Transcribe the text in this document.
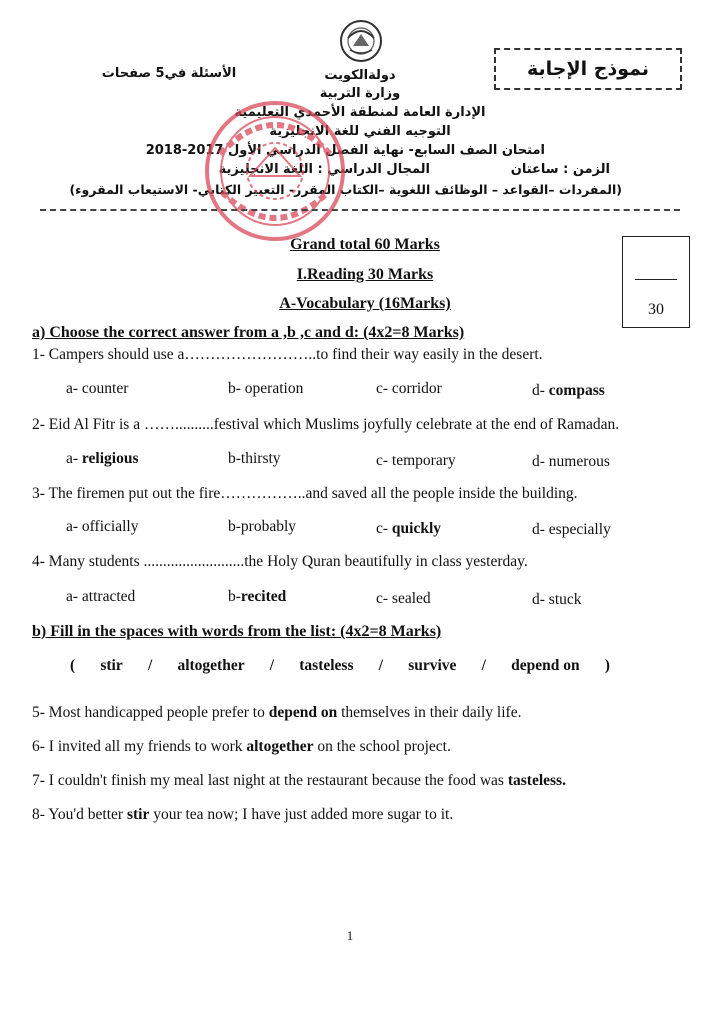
نموذج الإجابة
الأسئلة في5 صفحات	دولةالكويت
وزارة التربية
الإدارة العامة لمنطقة الأحمدي التعليمية
التوجيه الفني للغة الانجليزية
امتحان الصف السابع- نهاية الفصل الدراسي الأول 2017-2018
الزمن : ساعتان
المجال الدراسي : اللغة الانجليزية
(المفردات –القواعد – الوظائف اللغوية –الكتاب المقرر- التعبير الكتابي- الاستيعاب المقروء)
30
Grand total 60 Marks
I.Reading 30 Marks
A-Vocabulary (16Marks)
a) Choose the correct answer from a ,b ,c and d: (4x2=8 Marks)
1- Campers should use a……………………..to find their way easily in the desert.
a- counter	b- operation	c- corridor	d- compass
2- Eid Al Fitr is a ……..........festival which Muslims joyfully celebrate at the end of Ramadan.
a- religious	b-thirsty	c- temporary	d- numerous
3- The firemen put out the fire……………..and saved all the people inside the building.
a- officially	b-probably	c- quickly	d- especially
4- Many students ..........................the Holy Quran beautifully in class yesterday.
a- attracted	b-recited	c- sealed	d- stuck
b) Fill in the spaces with words from the list: (4x2=8 Marks)
( stir / altogether / tasteless / survive / depend on )
5- Most handicapped people prefer to depend on themselves in their daily life.
6- I invited all my friends to work altogether on the school project.
7- I couldn't finish my meal last night at the restaurant because the food was tasteless.
8- You'd better stir your tea now; I have just added more sugar to it.
1
